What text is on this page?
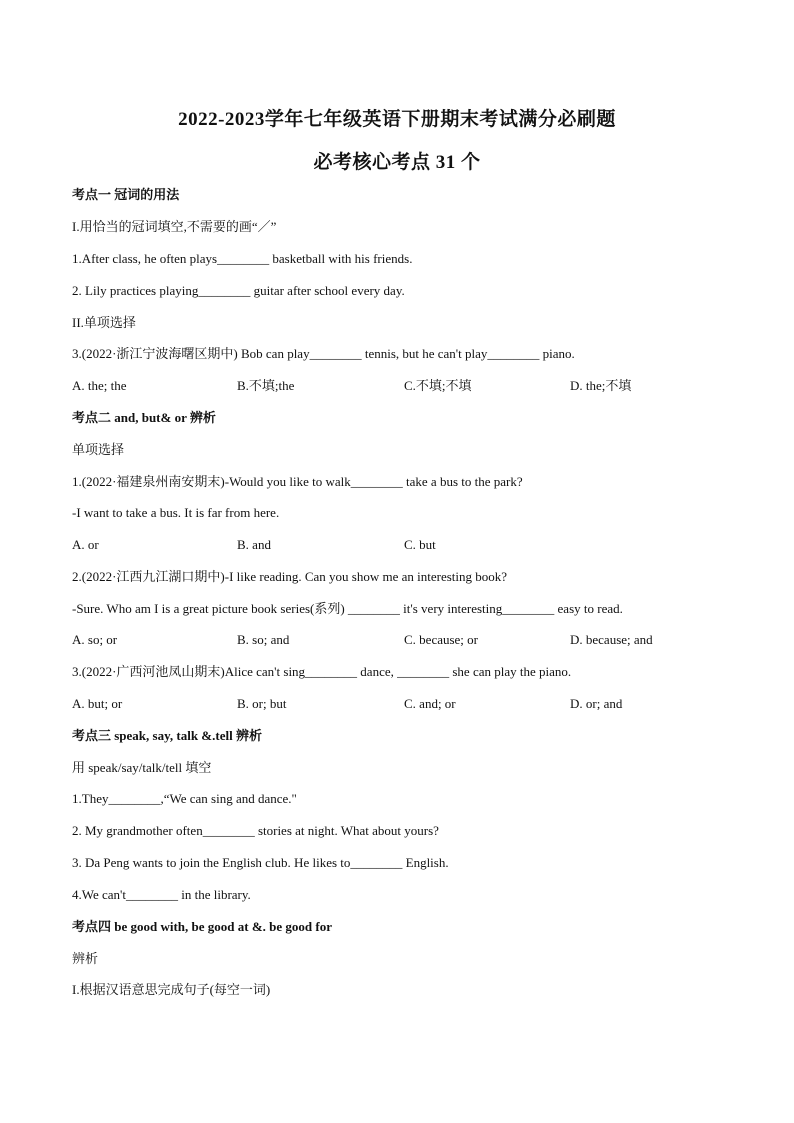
2022-2023学年七年级英语下册期末考试满分必刷题
必考核心考点 31 个
考点一 冠词的用法
I.用恰当的冠词填空,不需要的画“／”
1.After class, he often plays________ basketball with his friends.
2. Lily practices playing________ guitar after school every day.
II.单项选择
3.(2022·浙江宁波海曙区期中) Bob can play________ tennis, but he can't play________ piano.
A. the; the	B.不填;the	C.不填;不填	D. the;不填
考点二 and, but& or 辨析
单项选择
1.(2022·福建泉州南安期末)-Would you like to walk________ take a bus to the park?
-I want to take a bus. It is far from here.
A. or	B. and	C. but
2.(2022·江西九江湖口期中)-I like reading. Can you show me an interesting book?
-Sure. Who am I is a great picture book series(系列) ________ it's very interesting________ easy to read.
A. so; or	B. so; and	C. because; or	D. because; and
3.(2022·广西河池凤山期末)Alice can't sing________ dance, ________ she can play the piano.
A. but; or	B. or; but	C. and; or	D. or; and
考点三 speak, say, talk &.tell 辨析
用 speak/say/talk/tell 填空
1.They________,“We can sing and dance."
2. My grandmother often________ stories at night. What about yours?
3. Da Peng wants to join the English club. He likes to________ English.
4.We can't________ in the library.
考点四 be good with, be good at &. be good for
辨析
I.根据汉语意思完成句子(每空一词)
